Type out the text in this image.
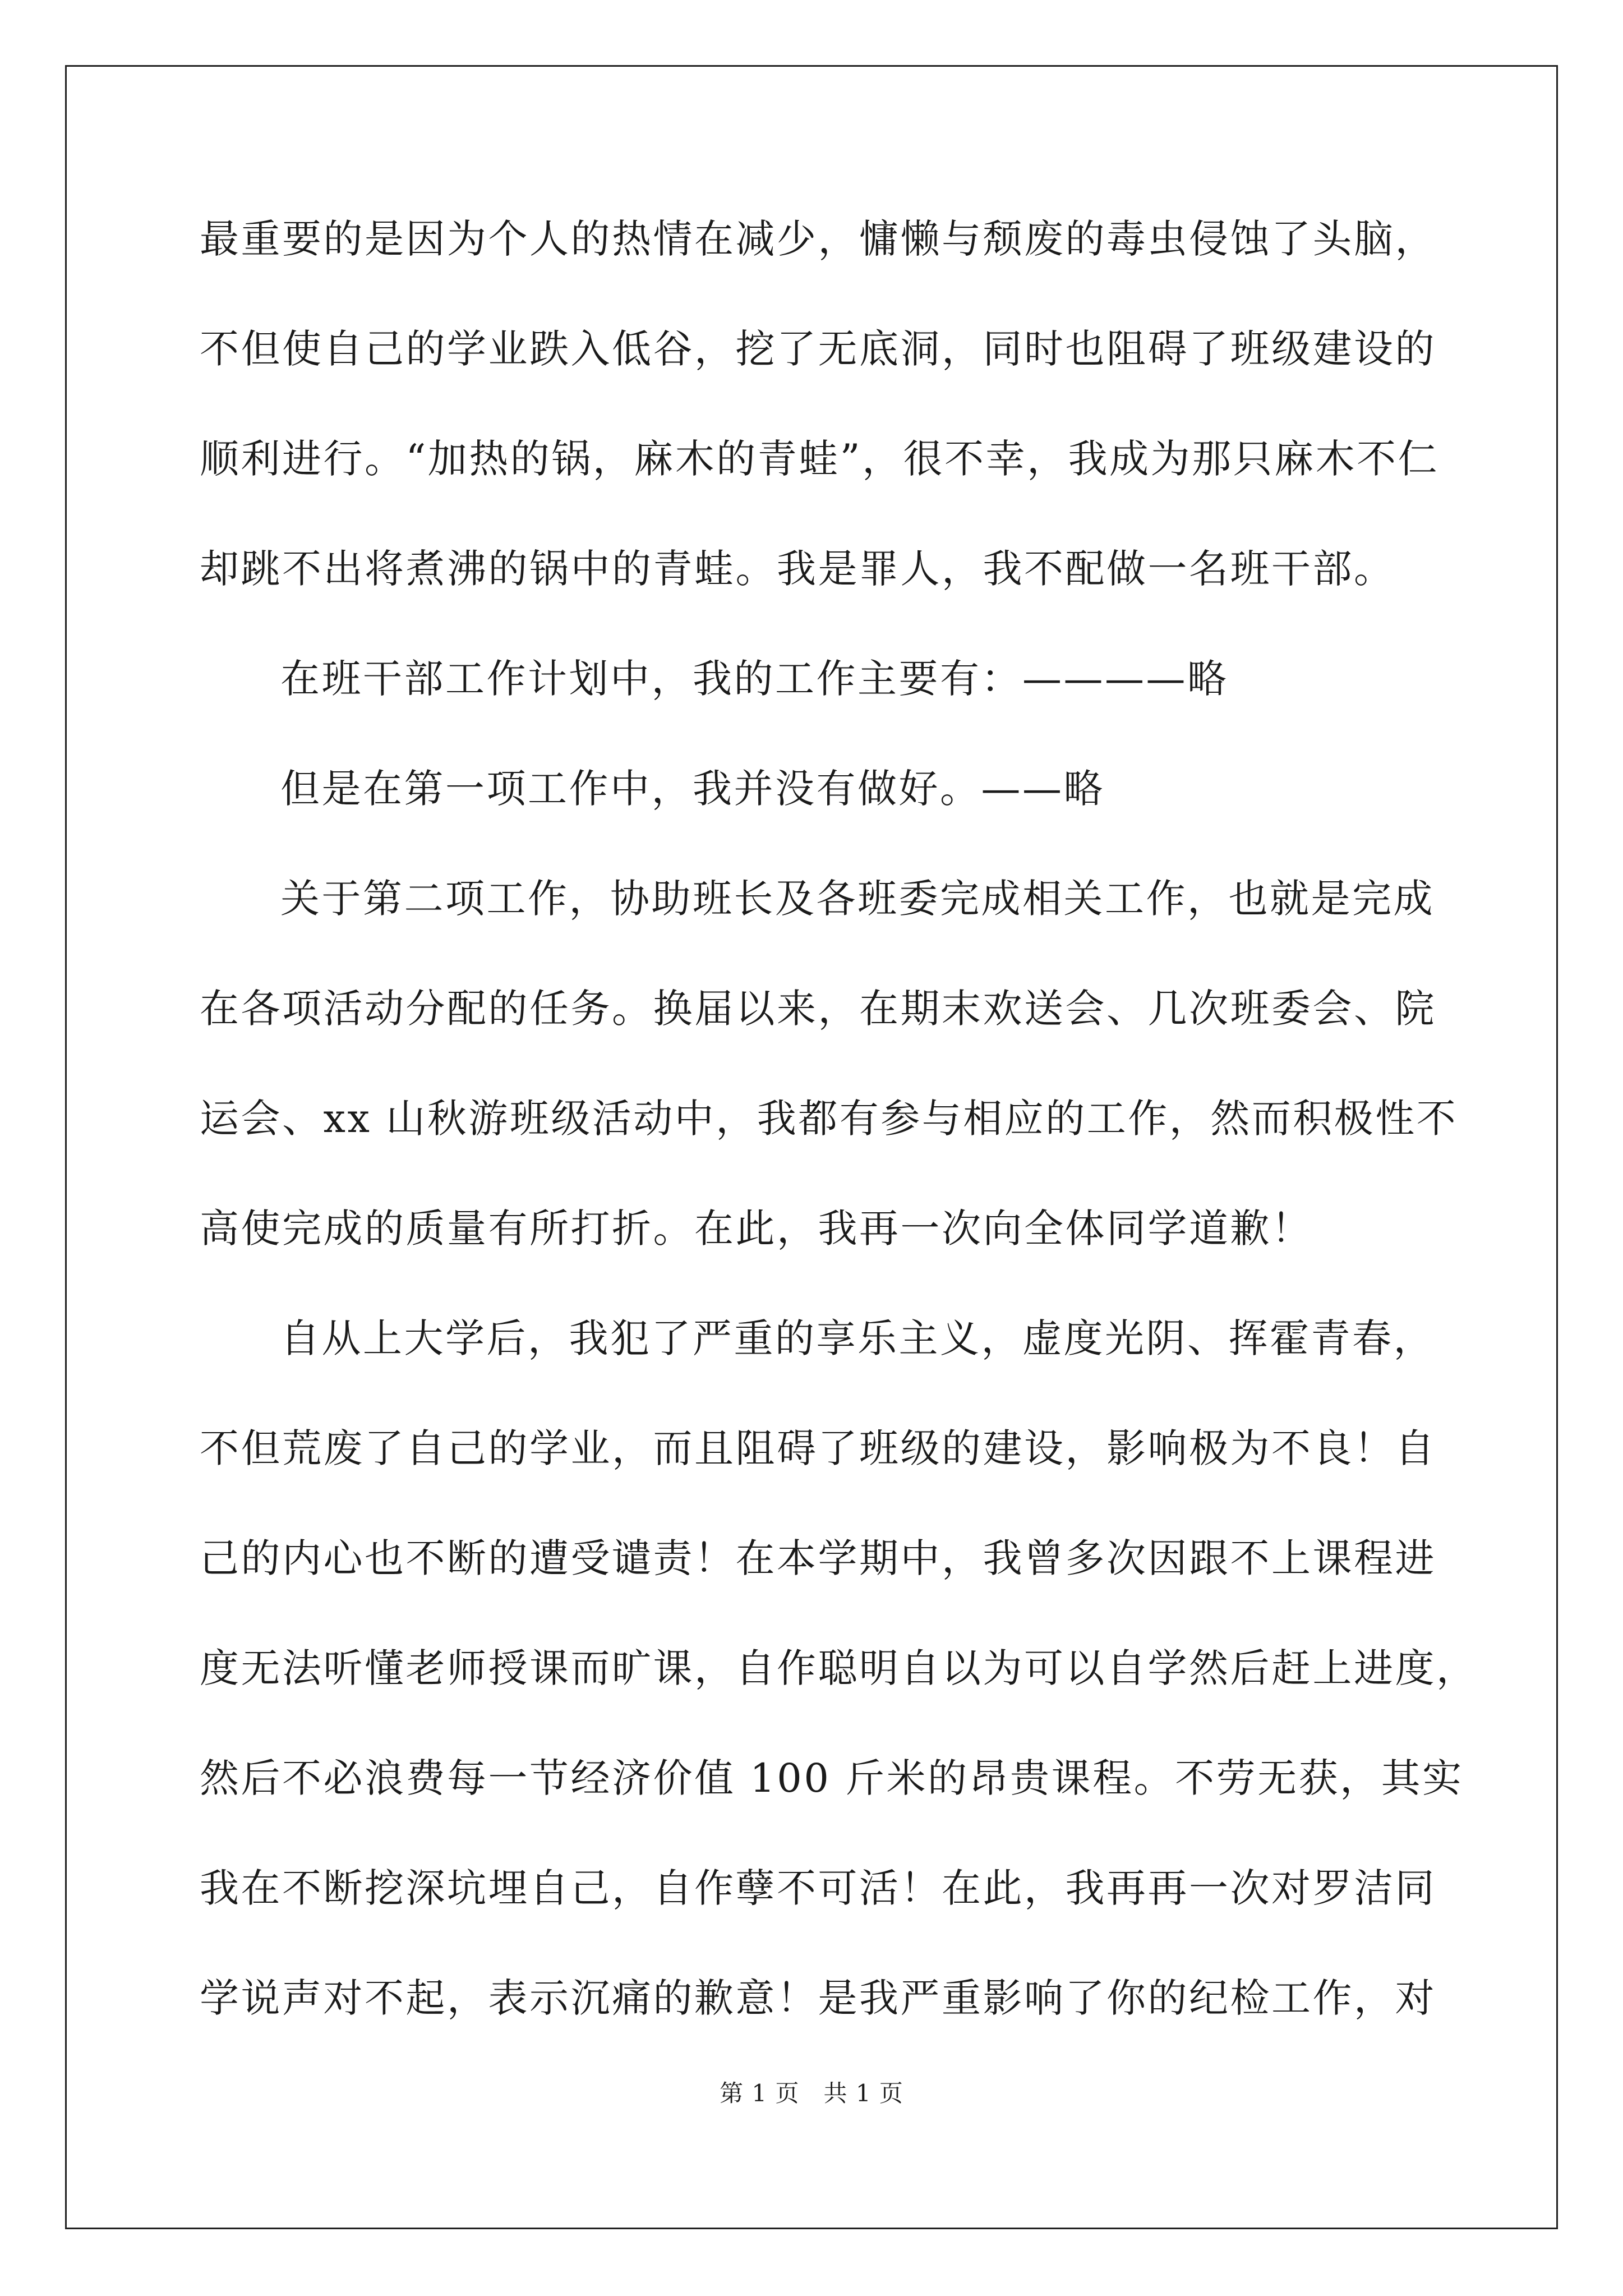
最重要的是因为个人的热情在减少，慵懒与颓废的毒虫侵蚀了头脑，
不但使自己的学业跌入低谷，挖了无底洞，同时也阻碍了班级建设的
顺利进行。“加热的锅，麻木的青蛙”，很不幸，我成为那只麻木不仁
却跳不出将煮沸的锅中的青蛙。我是罪人，我不配做一名班干部。
在班干部工作计划中，我的工作主要有：————略
但是在第一项工作中，我并没有做好。——略
关于第二项工作，协助班长及各班委完成相关工作，也就是完成
在各项活动分配的任务。换届以来，在期末欢送会、几次班委会、院
运会、xx 山秋游班级活动中，我都有参与相应的工作，然而积极性不
高使完成的质量有所打折。在此，我再一次向全体同学道歉！
自从上大学后，我犯了严重的享乐主义，虚度光阴、挥霍青春，
不但荒废了自己的学业，而且阻碍了班级的建设，影响极为不良！自
己的内心也不断的遭受谴责！在本学期中，我曾多次因跟不上课程进
度无法听懂老师授课而旷课，自作聪明自以为可以自学然后赶上进度，
然后不必浪费每一节经济价值 100 斤米的昂贵课程。不劳无获，其实
我在不断挖深坑埋自己，自作孽不可活！在此，我再再一次对罗洁同
学说声对不起，表示沉痛的歉意！是我严重影响了你的纪检工作，对
第 1 页　共 1 页
